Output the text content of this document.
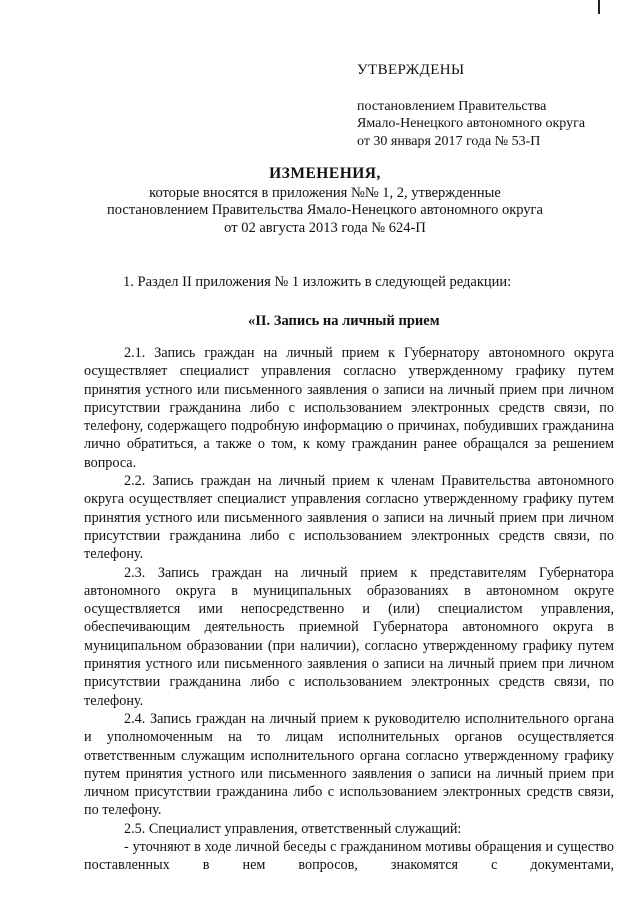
УТВЕРЖДЕНЫ
постановлением Правительства
Ямало-Ненецкого автономного округа
от 30 января 2017 года № 53-П
ИЗМЕНЕНИЯ,
которые вносятся в приложения №№ 1, 2, утвержденные
постановлением Правительства Ямало-Ненецкого автономного округа
от 02 августа 2013 года № 624-П
1. Раздел II приложения № 1 изложить в следующей редакции:
«II. Запись на личный прием

2.1. Запись граждан на личный прием к Губернатору автономного округа осуществляет специалист управления согласно утвержденному графику путем принятия устного или письменного заявления о записи на личный прием при личном присутствии гражданина либо с использованием электронных средств связи, по телефону, содержащего подробную информацию о причинах, побудивших гражданина лично обратиться, а также о том, к кому гражданин ранее обращался за решением вопроса.

2.2. Запись граждан на личный прием к членам Правительства автономного округа осуществляет специалист управления согласно утвержденному графику путем принятия устного или письменного заявления о записи на личный прием при личном присутствии гражданина либо с использованием электронных средств связи, по телефону.

2.3. Запись граждан на личный прием к представителям Губернатора автономного округа в муниципальных образованиях в автономном округе осуществляется ими непосредственно и (или) специалистом управления, обеспечивающим деятельность приемной Губернатора автономного округа в муниципальном образовании (при наличии), согласно утвержденному графику путем принятия устного или письменного заявления о записи на личный прием при личном присутствии гражданина либо с использованием электронных средств связи, по телефону.

2.4. Запись граждан на личный прием к руководителю исполнительного органа и уполномоченным на то лицам исполнительных органов осуществляется ответственным служащим исполнительного органа согласно утвержденному графику путем принятия устного или письменного заявления о записи на личный прием при личном присутствии гражданина либо с использованием электронных средств связи, по телефону.

2.5. Специалист управления, ответственный служащий:

- уточняют в ходе личной беседы с гражданином мотивы обращения и существо поставленных в нем вопросов, знакомятся с документами,
